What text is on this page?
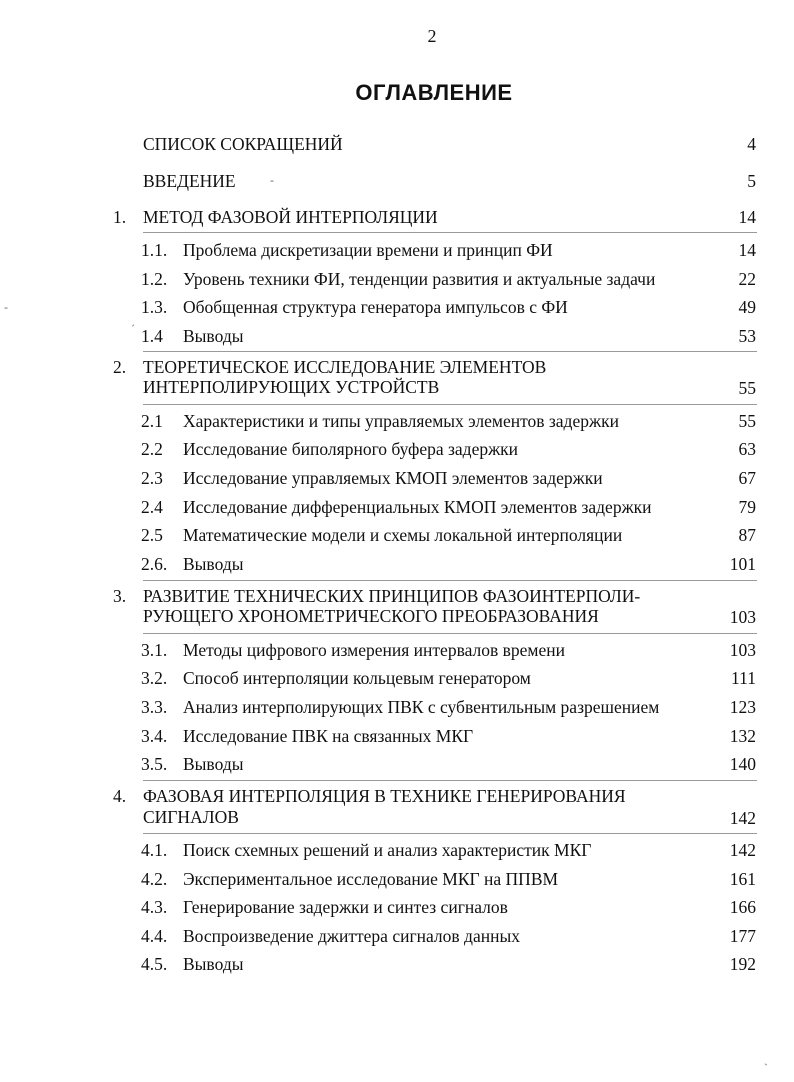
2
ОГЛАВЛЕНИЕ
СПИСОК СОКРАЩЕНИЙ	4
ВВЕДЕНИЕ	5
-
1. МЕТОД ФАЗОВОЙ ИНТЕРПОЛЯЦИИ	14
1.1. Проблема дискретизации времени и принцип ФИ	14
1.2. Уровень техники ФИ, тенденции развития и актуальные задачи	22
1.3. Обобщенная структура генератора импульсов с ФИ	49
-
1.4 Выводы	53
ˊ
2. ТЕОРЕТИЧЕСКОЕ ИССЛЕДОВАНИЕ ЭЛЕМЕНТОВ
ИНТЕРПОЛИРУЮЩИХ УСТРОЙСТВ	55
2.1 Характеристики и типы управляемых элементов задержки	55
2.2 Исследование биполярного буфера задержки	63
2.3 Исследование управляемых КМОП элементов задержки	67
2.4 Исследование дифференциальных КМОП элементов задержки	79
2.5 Математические модели и схемы локальной интерполяции	87
2.6. Выводы	101
3. РАЗВИТИЕ ТЕХНИЧЕСКИХ ПРИНЦИПОВ ФАЗОИНТЕРПОЛИ-
РУЮЩЕГО ХРОНОМЕТРИЧЕСКОГО ПРЕОБРАЗОВАНИЯ	103
3.1. Методы цифрового измерения интервалов времени	103
3.2. Способ интерполяции кольцевым генератором	111
3.3. Анализ интерполирующих ПВК с субвентильным разрешением	123
3.4. Исследование ПВК на связанных МКГ	132
3.5. Выводы	140
4. ФАЗОВАЯ ИНТЕРПОЛЯЦИЯ В ТЕХНИКЕ ГЕНЕРИРОВАНИЯ
СИГНАЛОВ	142
4.1. Поиск схемных решений и анализ характеристик МКГ	142
4.2. Экспериментальное исследование МКГ на ППВМ	161
4.3. Генерирование задержки и синтез сигналов	166
4.4. Воспроизведение джиттера сигналов данных	177
4.5. Выводы	192
ˏ
